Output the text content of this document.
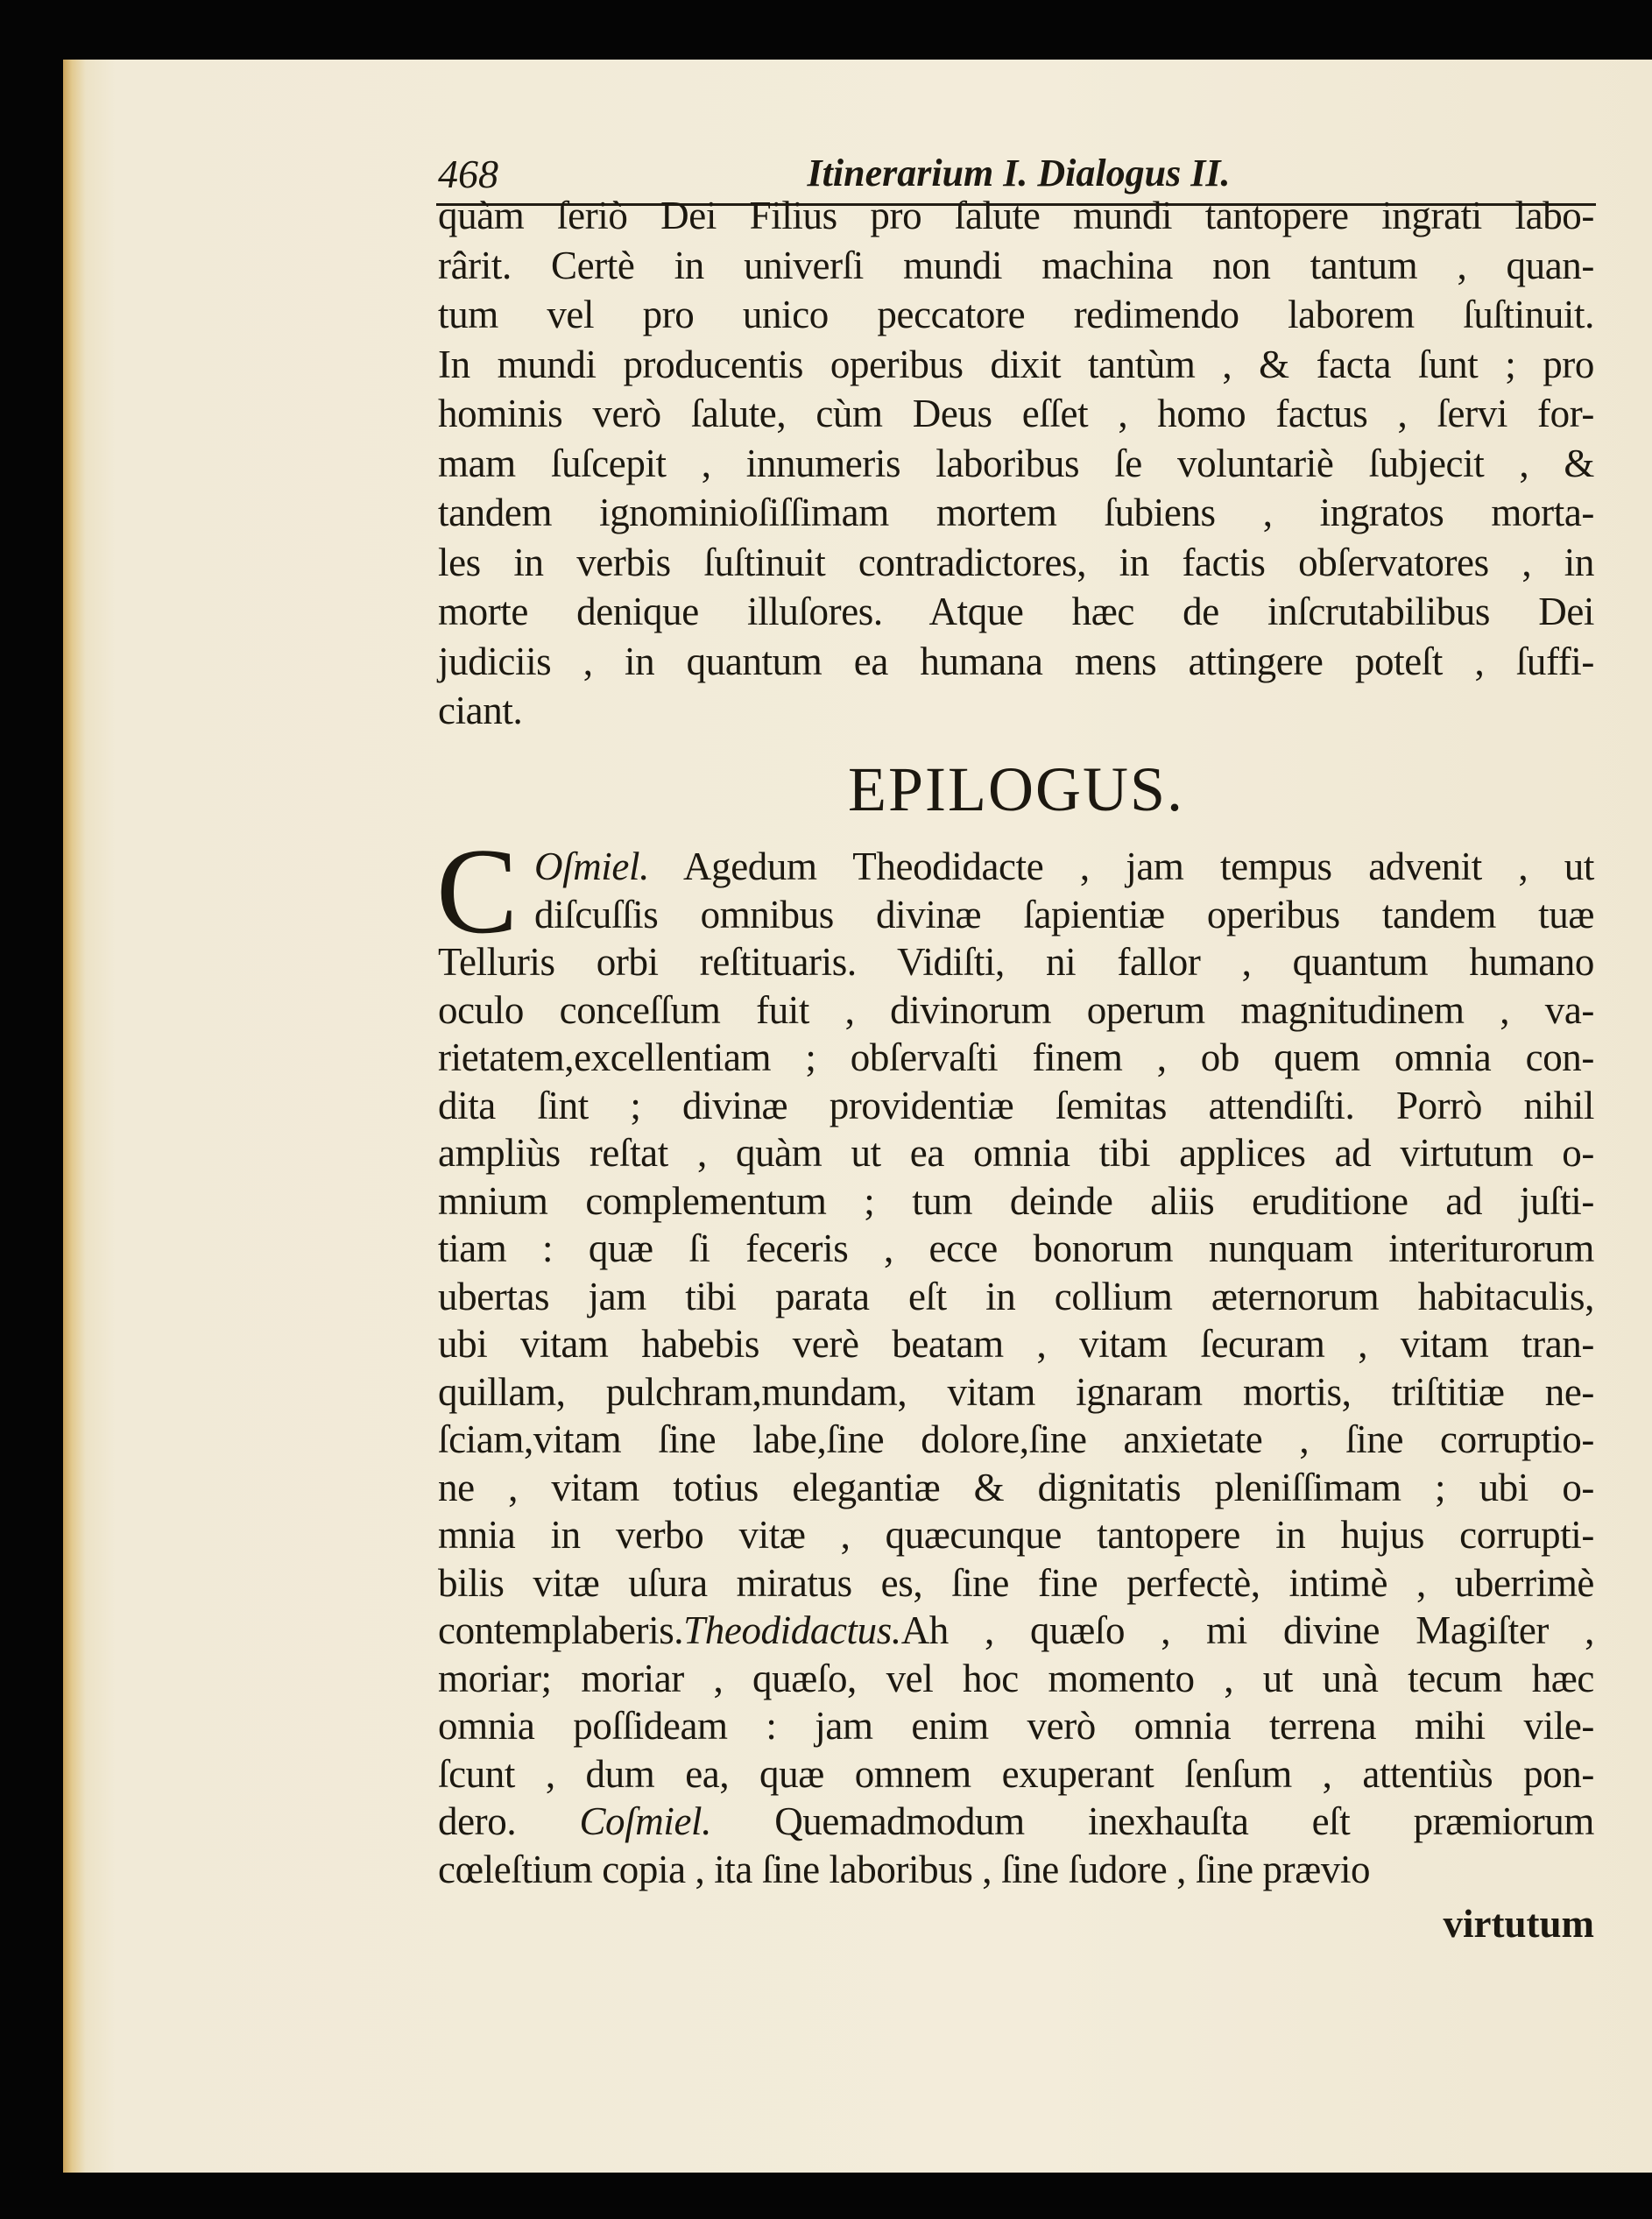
468	Itinerarium I. Dialogus II.
quàm ſeriò Dei Filius pro ſalute mundi tantopere ingrati labo-
rârit. Certè in univerſi mundi machina non tantum , quan-
tum vel pro unico peccatore redimendo laborem ſuſtinuit.
In mundi producentis operibus dixit tantùm , & facta ſunt ; pro
hominis verò ſalute, cùm Deus eſſet , homo factus , ſervi for-
mam ſuſcepit , innumeris laboribus ſe voluntariè ſubjecit , &
tandem ignominioſiſſimam mortem ſubiens , ingratos morta-
les in verbis ſuſtinuit contradictores, in factis obſervatores , in
morte denique illuſores. Atque hæc de inſcrutabilibus Dei
judiciis , in quantum ea humana mens attingere poteſt , ſuffi-
ciant.
EPILOGUS.
C Oſmiel. Agedum Theodidacte , jam tempus advenit , ut
diſcuſſis omnibus divinæ ſapientiæ operibus tandem tuæ
Telluris orbi reſtituaris. Vidiſti, ni fallor , quantum humano
oculo conceſſum fuit , divinorum operum magnitudinem , va-
rietatem,excellentiam ; obſervaſti finem , ob quem omnia con-
dita ſint ; divinæ providentiæ ſemitas attendiſti. Porrò nihil
ampliùs reſtat , quàm ut ea omnia tibi applices ad virtutum o-
mnium complementum ; tum deinde aliis eruditione ad juſti-
tiam : quæ ſi feceris , ecce bonorum nunquam interiturorum
ubertas jam tibi parata eſt in collium æternorum habitaculis,
ubi vitam habebis verè beatam , vitam ſecuram , vitam tran-
quillam, pulchram,mundam, vitam ignaram mortis, triſtitiæ ne-
ſciam,vitam ſine labe,ſine dolore,ſine anxietate , ſine corruptio-
ne , vitam totius elegantiæ & dignitatis pleniſſimam ; ubi o-
mnia in verbo vitæ , quæcunque tantopere in hujus corrupti-
bilis vitæ uſura miratus es, ſine fine perfectè, intimè , uberrimè
contemplaberis.Theodidactus.Ah , quæſo , mi divine Magiſter ,
moriar; moriar , quæſo, vel hoc momento , ut unà tecum hæc
omnia poſſideam : jam enim verò omnia terrena mihi vile-
ſcunt , dum ea, quæ omnem exuperant ſenſum , attentiùs pon-
dero. Coſmiel. Quemadmodum inexhauſta eſt præmiorum
cœleſtium copia , ita ſine laboribus , ſine ſudore , ſine prævio
virtutum
